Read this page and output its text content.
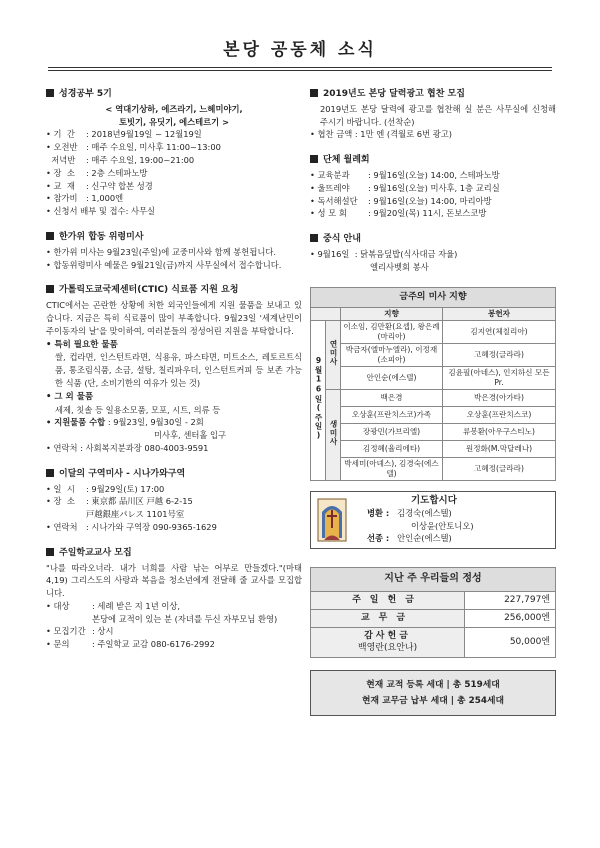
본당 공동체 소식
성경공부 5기
< 역대기상하, 에즈라기, 느헤미야기,
토빗기, 유딧기, 에스테르기 >
• 기  간	: 2018년9월19일 ~ 12월19일
• 오전반	: 매주 수요일, 미사후 11:00~13:00
저녁반	: 매주 수요일, 19:00~21:00
• 장  소	: 2층 스테파노방
• 교  재	: 신구약 합본 성경
• 참가비	: 1,000엔
• 신청서 배부 및 접수 : 사무실
한가위 합동 위령미사
• 한가위 미사는 9월23일(주일)에 교중미사와 함께 봉헌됩니다.
• 합동위령미사 예물은 9월21일(금)까지 사무실에서 접수합니다.
가톨릭도쿄국제센터(CTIC) 식료품 지원 요청
CTIC에서는 곤란한 상황에 처한 외국인들에게 지원 물품을 보내고 있습니다. 지금은 특히 식료품이 많이 부족합니다. 9월23일 '세계난민이주이동자의 날'을 맞이하여, 여러분들의 정성어린 지원을 부탁합니다.
• 특히 필요한 물품
쌀, 컵라면, 인스턴트라면, 식용유, 파스타면, 미트소스, 레토르트식품, 통조림식품, 소금, 설탕, 칠리파우더, 인스턴트커피 등 보존 가능한 식품 (단, 소비기한의 여유가 있는 것)
• 그 외 물품
세제, 칫솔 등 일용소모품, 모포, 시트, 의류 등
• 지원물품 수합
: 9월23일, 9월30일 - 2회
미사후, 센터홀 입구
• 연락처
: 사회복지분과장 080-4003-9591
이달의 구역미사 - 시나가와구역
• 일  시	: 9월29일(토) 17:00
• 장  소	: 東京都 品川区 戸越 6-2-15
戸越銀座パレス 1101号室
• 연락처	: 시나가와 구역장 090-9365-1629
주일학교교사 모집
"나를 따라오너라. 내가 너희를 사람 낚는 어부로 만들겠다."(마태 4,19) 그리스도의 사랑과 복음을 청소년에게 전달해 줄 교사를 모집합니다.
• 대상	: 세례 받은 지 1년 이상,
본당에 교적이 있는 분 (자녀를 두신 자부모님 환영)
• 모집기간 : 상시
• 문의	: 주일학교 교감 080-6176-2992
2019년도 본당 달력광고 협찬 모집
2019년도 본당 달력에 광고를 협찬해 실 분은 사무실에 신청해 주시기 바랍니다. (선착순)
• 협찬 금액 : 1만 엔 (격월로 6번 광고)
단체 월례회
• 교육분과	: 9월16일(오늘) 14:00, 스테파노방
• 울뜨레야	: 9월16일(오늘) 미사후, 1층 교리실
• 독서해설단	: 9월16일(오늘) 14:00, 마리아방
• 성 모 회	: 9월20일(목) 11시, 돈보스코방
중식 안내
• 9월16일
: 닭볶음덮밥(식사대금 자율)
엘리사벳회 봉사
금주의 미사 지향			
		지향	봉헌자
9월16일(주일)	연미사	이소임, 김만환(요셉), 왕은례(마리아)	김지연(체칠리아)
		박금자(엘마누엘라), 이정재(소피아)	고혜정(글라라)
		안인순(에스텔)	김윤필(아네스), 인지하신 모든 Pr.
	생미사	백은경	박은경(아가타)
		오상훈(프란치스코)가족	오상훈(프란치스코)
		장광민(가브리엘)	류봉환(아우구스티노)
		김정혜(율리에타)	원정화(M.막달레나)
		박세미(아녜스), 김경숙(에스텔)	고혜정(글라라)
기도합시다
병환 : 김경숙(에스텔)
이상윤(안토니오)
선종 : 안인순(에스텔)
지난 주 우리들의 정성	
주일헌금	227,797엔
교무금	256,000엔

감사헌금
백영란(요안나)	50,000엔
현재 교적 등록 세대 | 총 519세대
현재 교무금 납부 세대 | 총 254세대
